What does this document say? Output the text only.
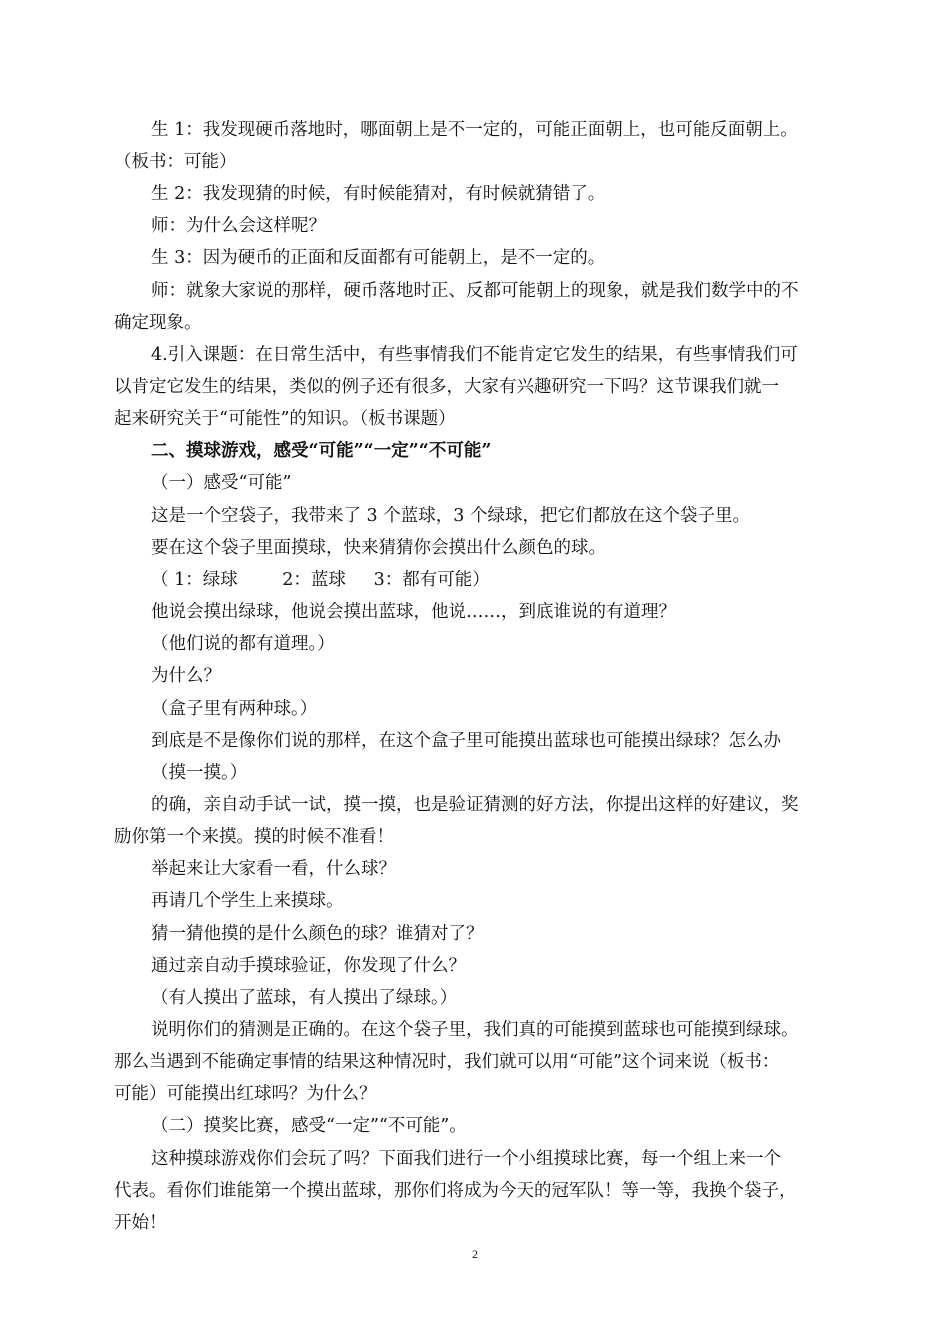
生 1：我发现硬币落地时，哪面朝上是不一定的，可能正面朝上，也可能反面朝上。
（板书：可能）
生 2：我发现猜的时候，有时候能猜对，有时候就猜错了。
师：为什么会这样呢？
生 3：因为硬币的正面和反面都有可能朝上，是不一定的。
师：就象大家说的那样，硬币落地时正、反都可能朝上的现象，就是我们数学中的不
确定现象。
4.引入课题：在日常生活中，有些事情我们不能肯定它发生的结果，有些事情我们可
以肯定它发生的结果，类似的例子还有很多，大家有兴趣研究一下吗？这节课我们就一
起来研究关于“可能性”的知识。（板书课题）
二、摸球游戏，感受“可能”“一定”“不可能”
（一）感受“可能”
这是一个空袋子，我带来了 3 个蓝球，3 个绿球，把它们都放在这个袋子里。
要在这个袋子里面摸球，快来猜猜你会摸出什么颜色的球。
（ 1：绿球        2：蓝球     3：都有可能）
他说会摸出绿球，他说会摸出蓝球，他说……，到底谁说的有道理？
（他们说的都有道理。）
为什么？
（盒子里有两种球。）
到底是不是像你们说的那样，在这个盒子里可能摸出蓝球也可能摸出绿球？怎么办
（摸一摸。）
的确，亲自动手试一试，摸一摸，也是验证猜测的好方法，你提出这样的好建议，奖
励你第一个来摸。摸的时候不准看！
举起来让大家看一看，什么球？
再请几个学生上来摸球。
猜一猜他摸的是什么颜色的球？谁猜对了？
通过亲自动手摸球验证，你发现了什么？
（有人摸出了蓝球，有人摸出了绿球。）
说明你们的猜测是正确的。在这个袋子里，我们真的可能摸到蓝球也可能摸到绿球。
那么当遇到不能确定事情的结果这种情况时，我们就可以用“可能”这个词来说（板书：
可能）可能摸出红球吗？为什么？
（二）摸奖比赛，感受“一定”“不可能”。
这种摸球游戏你们会玩了吗？下面我们进行一个小组摸球比赛，每一个组上来一个
代表。看你们谁能第一个摸出蓝球，那你们将成为今天的冠军队！等一等，我换个袋子，
开始！
2
